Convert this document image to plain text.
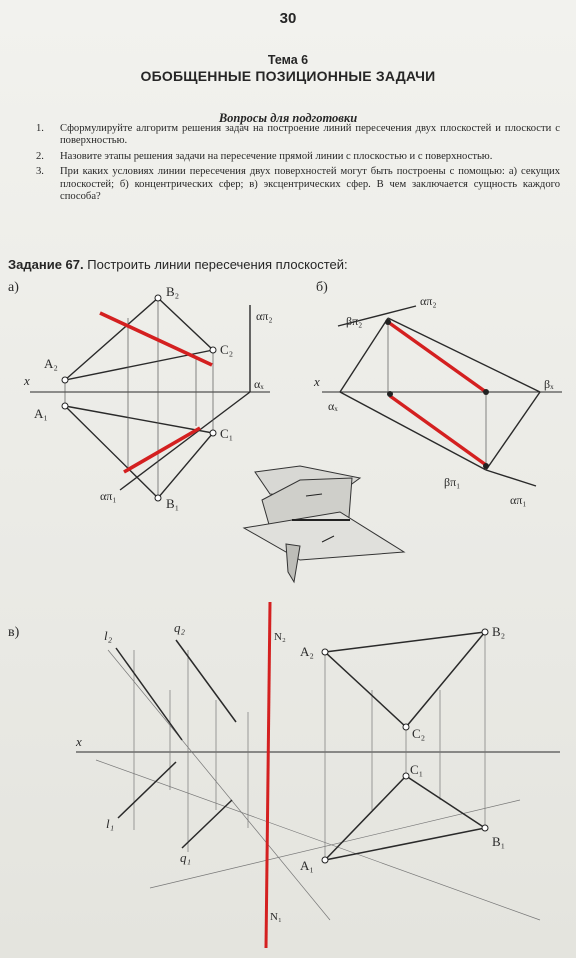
30
Тема 6
ОБОБЩЕННЫЕ ПОЗИЦИОННЫЕ ЗАДАЧИ
Вопросы для подготовки
1.	Сформулируйте алгоритм решения задач на построение линий пересечения двух плоскостей и плоскости с поверхностью.
2.	Назовите этапы решения задачи на пересечение прямой линии с плоскостью и с поверхностью.
3.	При каких условиях линии пересечения двух поверхностей могут быть построены с помощью: а) секущих плоскостей; б) концентрических сфер; в) эксцентрических сфер. В чем заключается сущность каждого способа?
Задание 67. Построить линии пересечения плоскостей:
а)
x
B₂
C₂
A₂
A₁
C₁
B₁
απ₂
αₓ
απ₁
б)
x
απ₂
βπ₂
βₓ
αₓ
βπ₁
απ₁
в)
x
l₂
q₂
l₁
q₁
A₂
B₂
C₂
C₁
A₁
B₁
N₂
N₁
